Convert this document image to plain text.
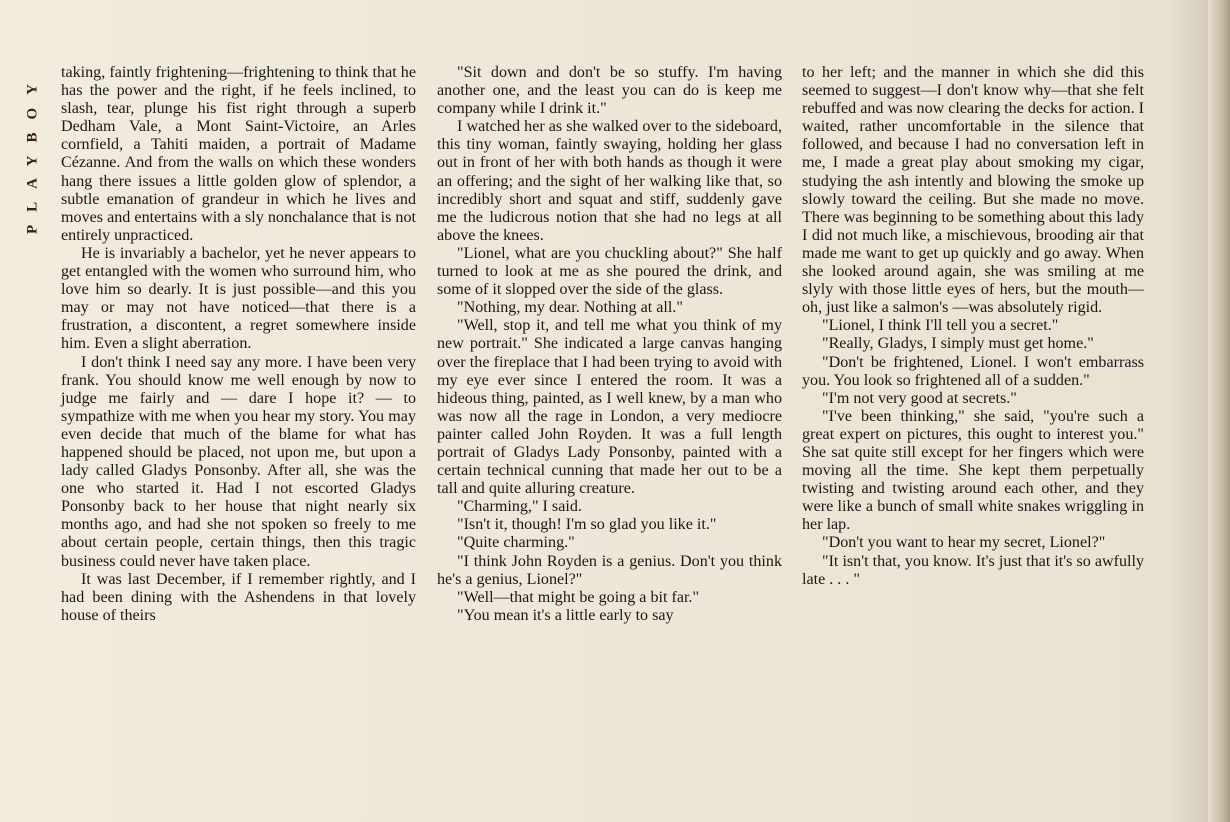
PLAYBOY taking, faintly frightening—frightening to think that he has the power and the right, if he feels inclined, to slash, tear, plunge his fist right through a superb Dedham Vale, a Mont Saint-Victoire, an Arles cornfield, a Tahiti maiden, a portrait of Madame Cézanne. And from the walls on which these wonders hang there issues a little golden glow of splendor, a subtle emanation of grandeur in which he lives and moves and entertains with a sly nonchalance that is not entirely unpracticed.

He is invariably a bachelor, yet he never appears to get entangled with the women who surround him, who love him so dearly. It is just possible—and this you may or may not have noticed—that there is a frustration, a discontent, a regret somewhere inside him. Even a slight aberration.

I don't think I need say any more. I have been very frank. You should know me well enough by now to judge me fairly and — dare I hope it? — to sympathize with me when you hear my story. You may even decide that much of the blame for what has happened should be placed, not upon me, but upon a lady called Gladys Ponsonby. After all, she was the one who started it. Had I not escorted Gladys Ponsonby back to her house that night nearly six months ago, and had she not spoken so freely to me about certain people, certain things, then this tragic business could never have taken place.

It was last December, if I remember rightly, and I had been dining with the Ashendens in that lovely house of theirs

"Sit down and don't be so stuffy. I'm having another one, and the least you can do is keep me company while I drink it."

I watched her as she walked over to the sideboard, this tiny woman, faintly swaying, holding her glass out in front of her with both hands as though it were an offering; and the sight of her walking like that, so incredibly short and squat and stiff, suddenly gave me the ludicrous notion that she had no legs at all above the knees.

"Lionel, what are you chuckling about?" She half turned to look at me as she poured the drink, and some of it slopped over the side of the glass.

"Nothing, my dear. Nothing at all."

"Well, stop it, and tell me what you think of my new portrait." She indicated a large canvas hanging over the fireplace that I had been trying to avoid with my eye ever since I entered the room. It was a hideous thing, painted, as I well knew, by a man who was now all the rage in London, a very mediocre painter called John Royden. It was a full length portrait of Gladys Lady Ponsonby, painted with a certain technical cunning that made her out to be a tall and quite alluring creature.

"Charming," I said.

"Isn't it, though! I'm so glad you like it."

"Quite charming."

"I think John Royden is a genius. Don't you think he's a genius, Lionel?"

"Well—that might be going a bit far."

"You mean it's a little early to say

to her left; and the manner in which she did this seemed to suggest—I don't know why—that she felt rebuffed and was now clearing the decks for action. I waited, rather uncomfortable in the silence that followed, and because I had no conversation left in me, I made a great play about smoking my cigar, studying the ash intently and blowing the smoke up slowly toward the ceiling. But she made no move. There was beginning to be something about this lady I did not much like, a mischievous, brooding air that made me want to get up quickly and go away. When she looked around again, she was smiling at me slyly with those little eyes of hers, but the mouth—oh, just like a salmon's —was absolutely rigid.

"Lionel, I think I'll tell you a secret."

"Really, Gladys, I simply must get home."

"Don't be frightened, Lionel. I won't embarrass you. You look so frightened all of a sudden."

"I'm not very good at secrets."

"I've been thinking," she said, "you're such a great expert on pictures, this ought to interest you." She sat quite still except for her fingers which were moving all the time. She kept them perpetually twisting and twisting around each other, and they were like a bunch of small white snakes wriggling in her lap.

"Don't you want to hear my secret, Lionel?"

"It isn't that, you know. It's just that it's so awfully late . . . "
